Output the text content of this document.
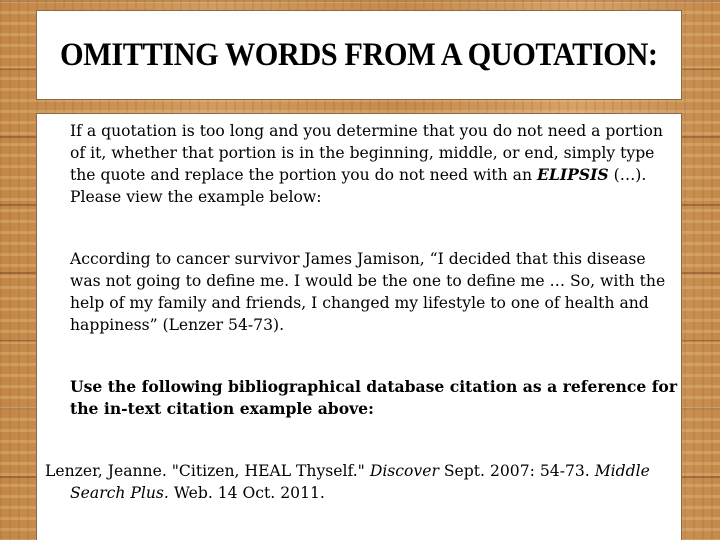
OMITTING WORDS FROM A QUOTATION:

If a quotation is too long and you determine that you do not need a portion of it, whether that portion is in the beginning, middle, or end, simply type the quote and replace the portion you do not need with an ELIPSIS (…). Please view the example below:

According to cancer survivor James Jamison, “I decided that this disease was not going to define me. I would be the one to define me … So, with the help of my family and friends, I changed my lifestyle to one of health and happiness” (Lenzer 54-73).

Use the following bibliographical database citation as a reference for the in-text citation example above:

Lenzer, Jeanne. "Citizen, HEAL Thyself." Discover Sept. 2007: 54-73. Middle Search Plus. Web. 14 Oct. 2011.
